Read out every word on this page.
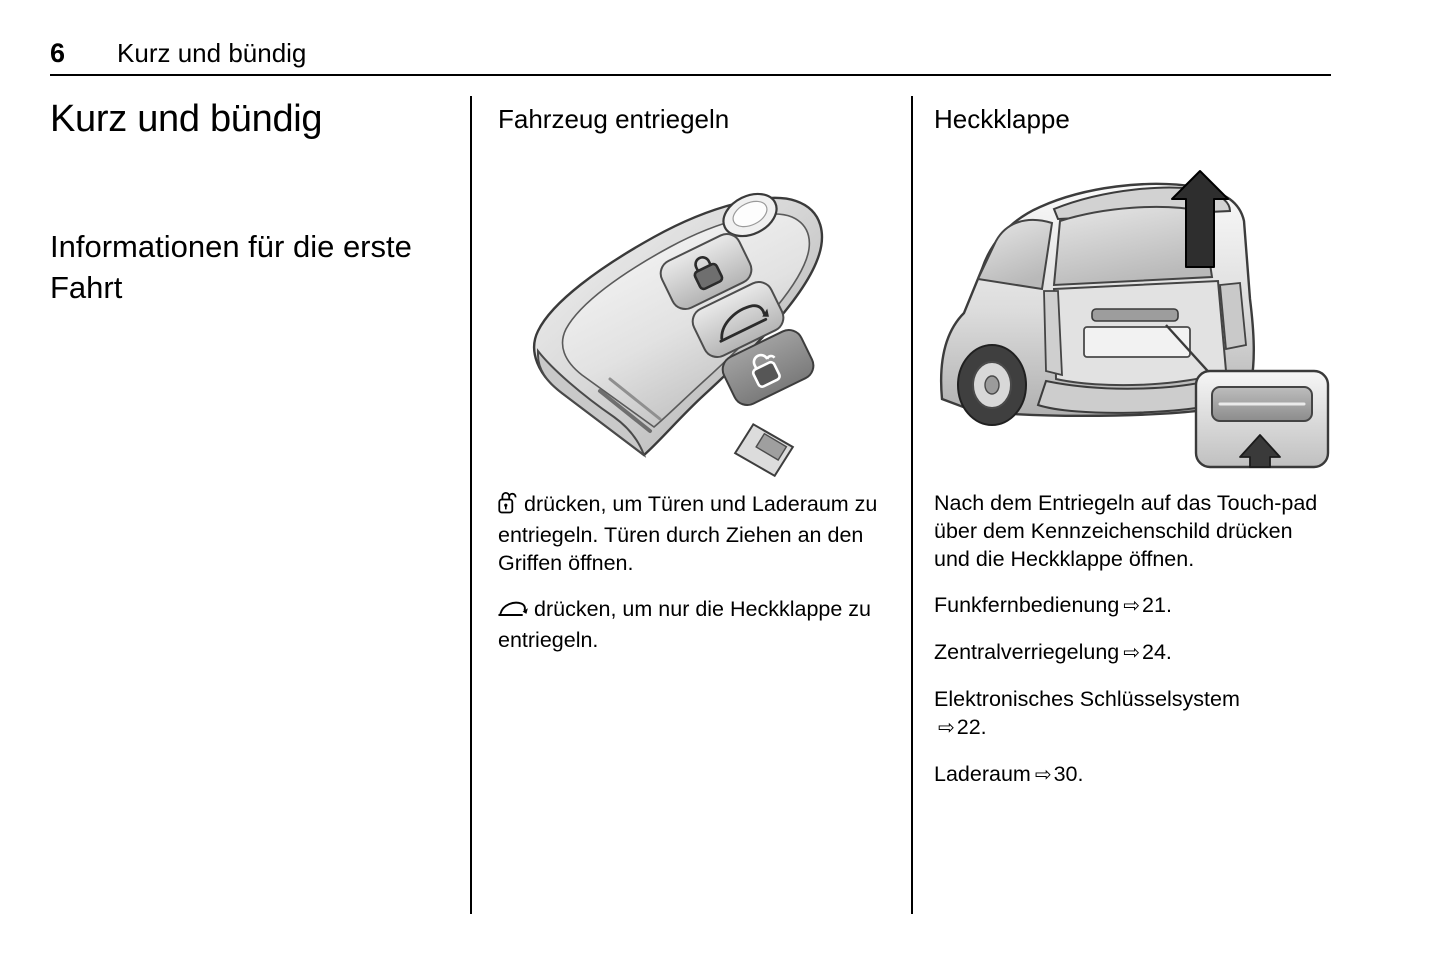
6 Kurz und bündig
Kurz und bündig
Informationen für die erste Fahrt
Fahrzeug entriegeln

drücken, um Türen und Laderaum zu entriegeln. Türen durch Ziehen an den Griffen öffnen.

drücken, um nur die Heckklappe zu entriegeln.

Heckklappe

Nach dem Entriegeln auf das Touch-pad über dem Kennzeichenschild drücken und die Heckklappe öffnen.

Funkfernbedienung ⇨21.

Zentralverriegelung ⇨24.

Elektronisches Schlüsselsystem
⇨22.

Laderaum ⇨30.
